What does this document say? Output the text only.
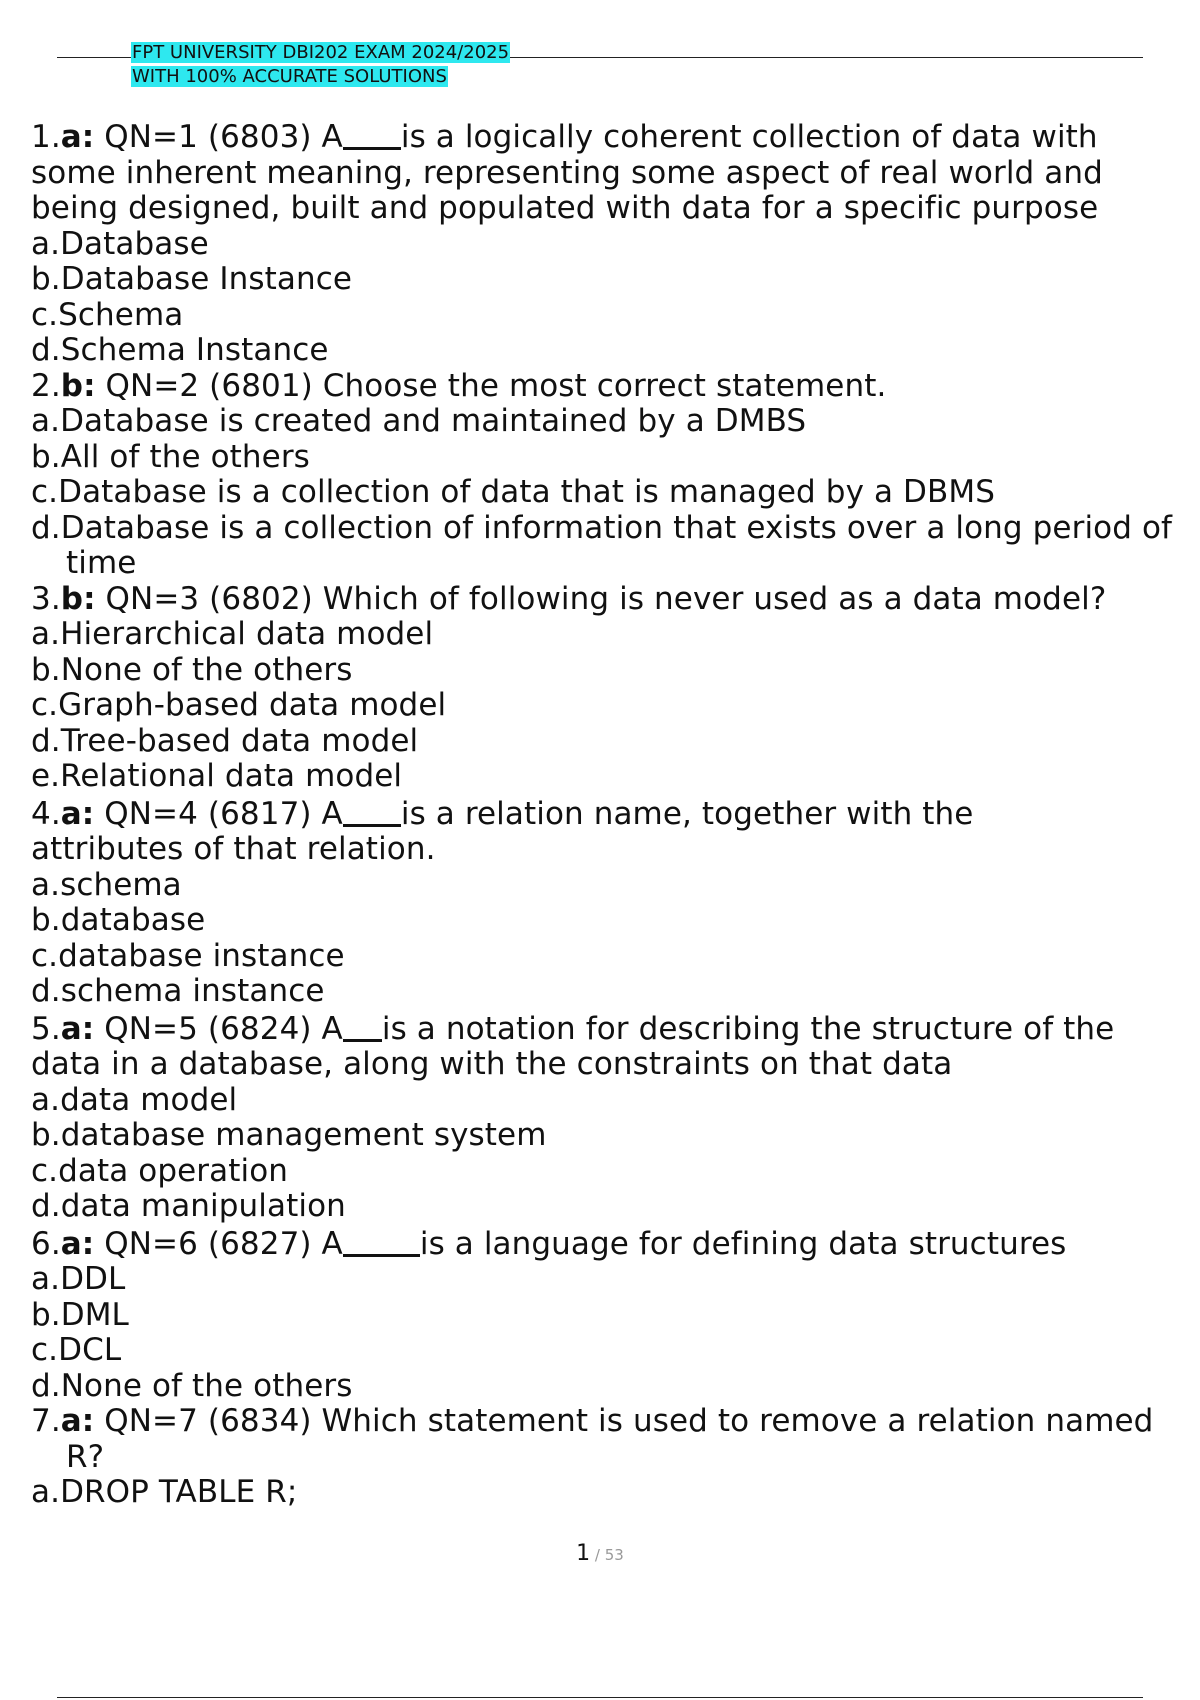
FPT UNIVERSITY DBI202 EXAM 2024/2025
WITH 100% ACCURATE SOLUTIONS
1.a: QN=1 (6803) A is a logically coherent collection of data with
some inherent meaning, representing some aspect of real world and
being designed, built and populated with data for a specific purpose
a.Database
b.Database Instance
c.Schema
d.Schema Instance
2.b: QN=2 (6801) Choose the most correct statement.
a.Database is created and maintained by a DMBS
b.All of the others
c.Database is a collection of data that is managed by a DBMS
d.Database is a collection of information that exists over a long period of
time
3.b: QN=3 (6802) Which of following is never used as a data model?
a.Hierarchical data model
b.None of the others
c.Graph-based data model
d.Tree-based data model
e.Relational data model
4.a: QN=4 (6817) A is a relation name, together with the
attributes of that relation.
a.schema
b.database
c.database instance
d.schema instance
5.a: QN=5 (6824) A is a notation for describing the structure of the
data in a database, along with the constraints on that data
a.data model
b.database management system
c.data operation
d.data manipulation
6.a: QN=6 (6827) A is a language for defining data structures
a.DDL
b.DML
c.DCL
d.None of the others
7.a: QN=7 (6834) Which statement is used to remove a relation named
R?
a.DROP TABLE R;
1 / 53
